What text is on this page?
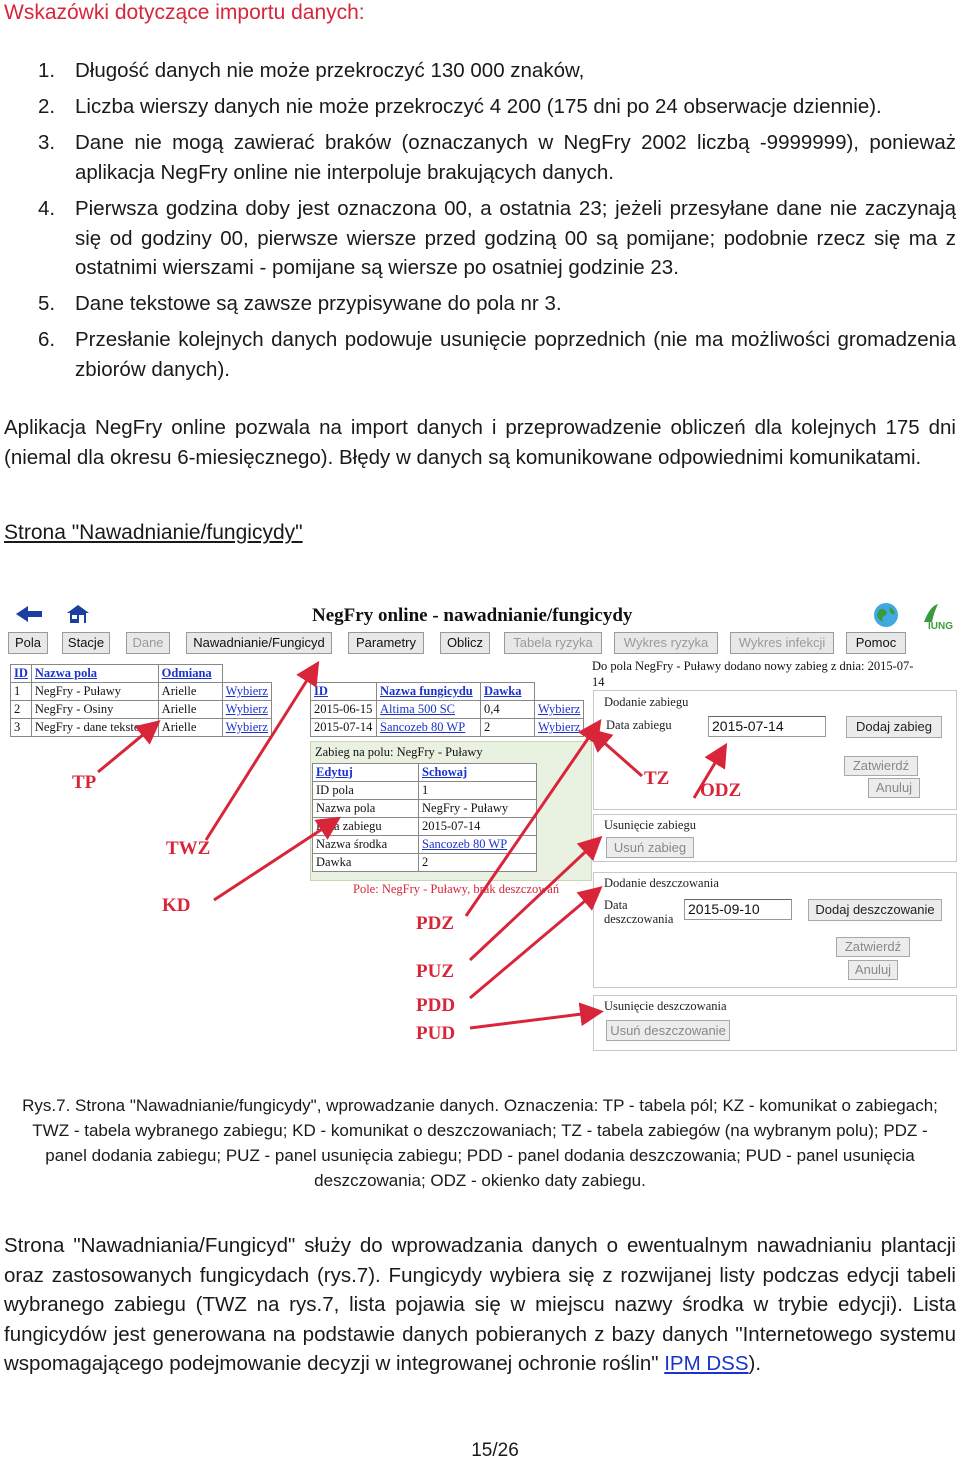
Wskazówki dotyczące importu danych:
1. Długość danych nie może przekroczyć 130 000 znaków,
2. Liczba wierszy danych nie może przekroczyć 4 200 (175 dni po 24 obserwacje dziennie).
3. Dane nie mogą zawierać braków (oznaczanych w NegFry 2002 liczbą -9999999), ponieważ aplikacja NegFry online nie interpoluje brakujących danych.
4. Pierwsza godzina doby jest oznaczona 00, a ostatnia 23; jeżeli przesyłane dane nie zaczynają się od godziny 00, pierwsze wiersze przed godziną 00 są pomijane; podobnie rzecz się ma z ostatnimi wierszami - pomijane są wiersze po osatniej godzinie 23.
5. Dane tekstowe są zawsze przypisywane do pola nr 3.
6. Przesłanie kolejnych danych podowuje usunięcie poprzednich (nie ma możliwości gromadzenia zbiorów danych).
Aplikacja NegFry online pozwala na import danych i przeprowadzenie obliczeń dla kolejnych 175 dni (niemal dla okresu 6-miesięcznego). Błędy w danych są komunikowane odpowiednimi komunikatami.
Strona "Nawadnianie/fungicydy"
NegFry online - nawadnianie/fungicydy
IUNG
Pola	Stacje	Dane	Nawadnianie/Fungicyd	Parametry	Oblicz	Tabela ryzyka	Wykres ryzyka	Wykres infekcji	Pomoc
ID	Nazwa pola	Odmiana	
1	NegFry - Puławy	Arielle	Wybierz
2	NegFry - Osiny	Arielle	Wybierz
3	NegFry - dane tekstowe	Arielle	Wybierz
ID	Nazwa fungicydu	Dawka	
2015-06-15	Altima 500 SC	0,4	Wybierz
2015-07-14	Sancozeb 80 WP	2	Wybierz
Do pola NegFry - Puławy dodano nowy zabieg z dnia: 2015-07-14
Zabieg na polu: NegFry - Puławy
Edytuj	Schowaj
ID pola	1
Nazwa pola	NegFry - Puławy
Data zabiegu	2015-07-14
Nazwa środka	Sancozeb 80 WP
Dawka	2
Pole: NegFry - Puławy, brak deszczowań
Dodanie zabiegu
Data zabiegu	2015-07-14	Dodaj zabieg
Zatwierdź
Anuluj
Usunięcie zabiegu
Usuń zabieg
Dodanie deszczowania
Data
deszczowania
2015-09-10	Dodaj deszczowanie
Zatwierdź
Anuluj
Usunięcie deszczowania
Usuń deszczowanie
TP
TWZ
KD
TZ
ODZ
PDZ
PUZ
PDD
PUD
Rys.7. Strona "Nawadnianie/fungicydy", wprowadzanie danych. Oznaczenia: TP - tabela pól; KZ - komunikat o zabiegach; TWZ - tabela wybranego zabiegu; KD - komunikat o deszczowaniach; TZ - tabela zabiegów (na wybranym polu); PDZ - panel dodania zabiegu; PUZ - panel usunięcia zabiegu; PDD - panel dodania deszczowania; PUD - panel usunięcia deszczowania; ODZ - okienko daty zabiegu.
Strona "Nawadniania/Fungicyd" służy do wprowadzania danych o ewentualnym nawadnianiu plantacji oraz zastosowanych fungicydach (rys.7). Fungicydy wybiera się z rozwijanej listy podczas edycji tabeli wybranego zabiegu (TWZ na rys.7, lista pojawia się w miejscu nazwy środka w trybie edycji). Lista fungicydów jest generowana na podstawie danych pobieranych z bazy danych "Internetowego systemu wspomagającego podejmowanie decyzji w integrowanej ochronie roślin" IPM DSS).
15/26
